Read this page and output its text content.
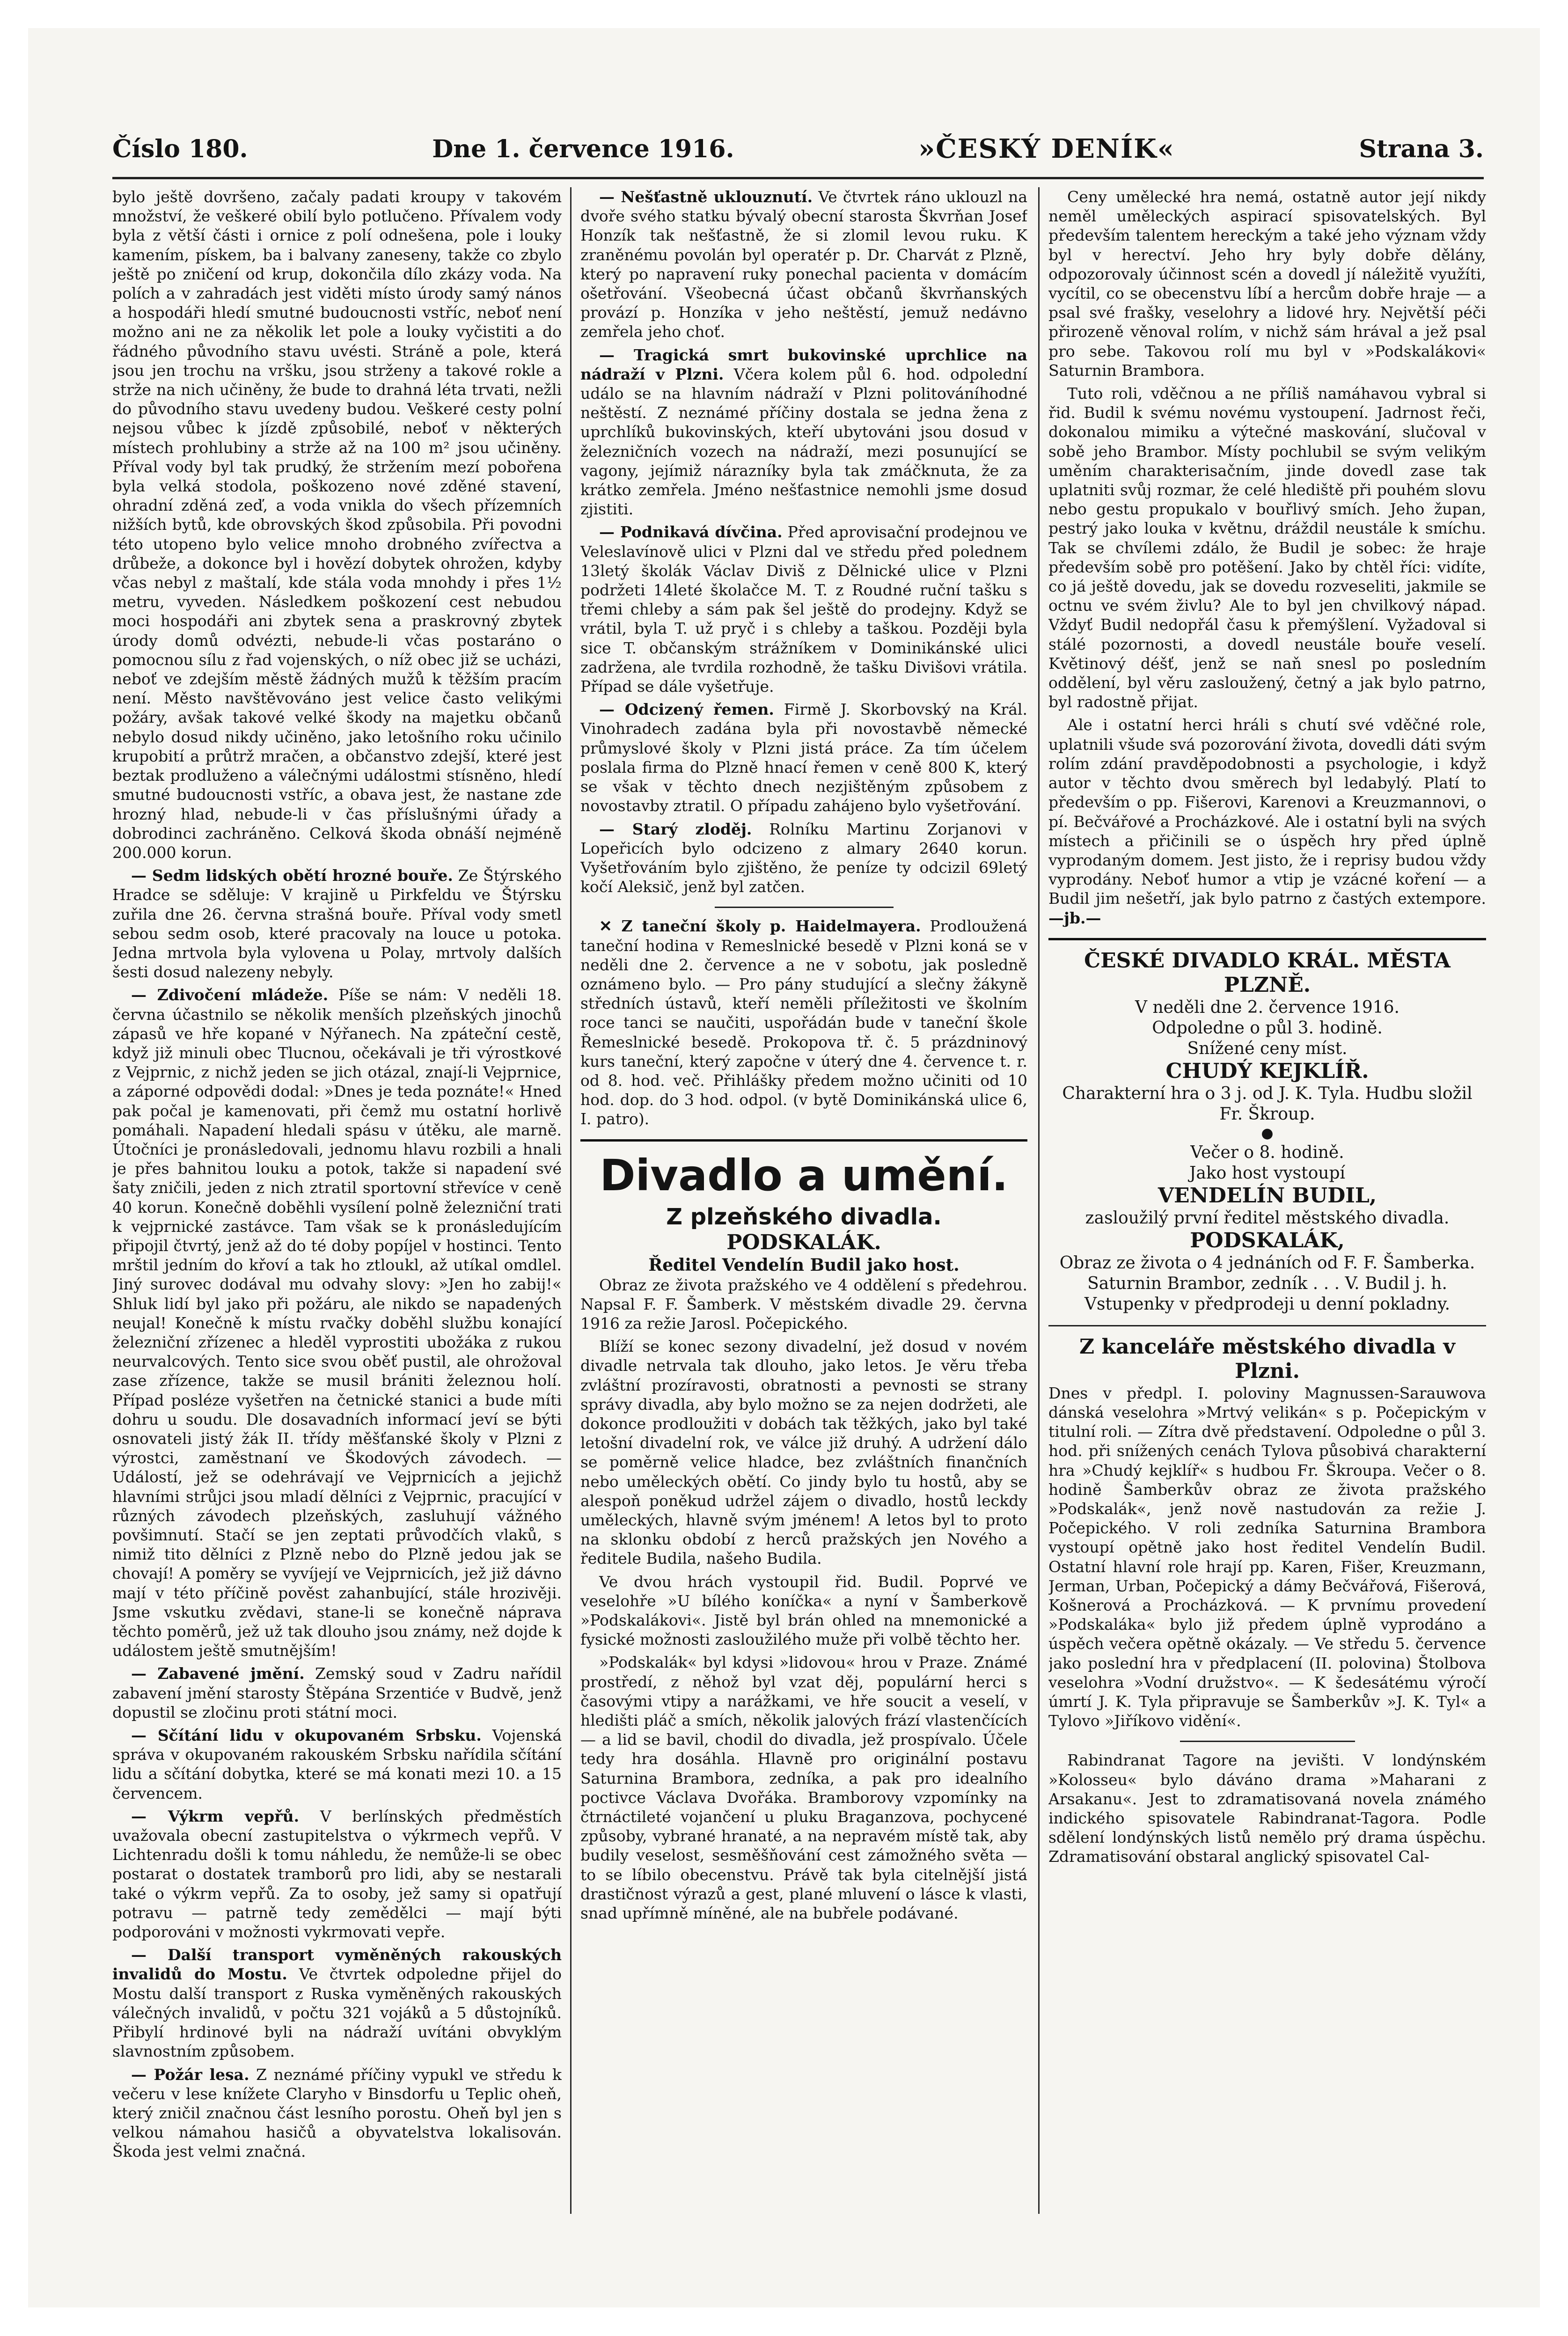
Číslo 180.	Dne 1. července 1916.	»ČESKÝ DENÍK«	Strana 3.

bylo ještě dovršeno, začaly padati kroupy v takovém množství, že veškeré obilí bylo potlučeno. Přívalem vody byla z větší části i ornice z polí odnešena, pole i louky kamením, pískem, ba i balvany zaneseny, takže co zbylo ještě po zničení od krup, dokončila dílo zkázy voda. Na polích a v zahradách jest viděti místo úrody samý nános a hospodáři hledí smutné budoucnosti vstříc, neboť není možno ani ne za několik let pole a louky vyčistiti a do řádného původního stavu uvésti. Stráně a pole, která jsou jen trochu na vršku, jsou strženy a takové rokle a strže na nich učiněny, že bude to drahná léta trvati, nežli do původního stavu uvedeny budou. Veškeré cesty polní nejsou vůbec k jízdě způsobilé, neboť v některých místech prohlubiny a strže až na 100 m² jsou učiněny. Příval vody byl tak prudký, že stržením mezí pobořena byla velká stodola, poškozeno nové zděné stavení, ohradní zděná zeď, a voda vnikla do všech přízemních nižších bytů, kde obrovských škod způsobila. Při povodni této utopeno bylo velice mnoho drobného zvířectva a drůbeže, a dokonce byl i hovězí dobytek ohrožen, kdyby včas nebyl z maštalí, kde stála voda mnohdy i přes 1½ metru, vyveden. Následkem poškození cest nebudou moci hospodáři ani zbytek sena a praskrovný zbytek úrody domů odvézti, nebude-li včas postaráno o pomocnou sílu z řad vojenských, o níž obec již se ucházi, neboť ve zdejším městě žádných mužů k těžším pracím není. Město navštěvováno jest velice často velikými požáry, avšak takové velké škody na majetku občanů nebylo dosud nikdy učiněno, jako letošního roku učinilo krupobití a průtrž mračen, a občanstvo zdejší, které jest beztak prodluženo a válečnými událostmi stísněno, hledí smutné budoucnosti vstříc, a obava jest, že nastane zde hrozný hlad, nebude-li v čas příslušnými úřady a dobrodinci zachráněno. Celková škoda obnáší nejméně 200.000 korun.

— Sedm lidských obětí hrozné bouře. Ze Štýrského Hradce se sděluje: V krajině u Pirkfeldu ve Štýrsku zuřila dne 26. června strašná bouře. Příval vody smetl sebou sedm osob, které pracovaly na louce u potoka. Jedna mrtvola byla vylovena u Polay, mrtvoly dalších šesti dosud nalezeny nebyly.

— Zdivočení mládeže. Píše se nám: V neděli 18. června účastnilo se několik menších plzeňských jinochů zápasů ve hře kopané v Nýřanech. Na zpáteční cestě, když již minuli obec Tlucnou, očekávali je tři výrostkové z Vejprnic, z nichž jeden se jich otázal, znají-li Vejprnice, a záporné odpovědi dodal: »Dnes je teda poznáte!« Hned pak počal je kamenovati, při čemž mu ostatní horlivě pomáhali. Napadení hledali spásu v útěku, ale marně. Útočníci je pronásledovali, jednomu hlavu rozbili a hnali je přes bahnitou louku a potok, takže si napadení své šaty zničili, jeden z nich ztratil sportovní střevíce v ceně 40 korun. Konečně doběhli vysílení polně železniční trati k vejprnické zastávce. Tam však se k pronásledujícím připojil čtvrtý, jenž až do té doby popíjel v hostinci. Tento mrštil jedním do křoví a tak ho ztloukl, až utíkal omdlel. Jiný surovec dodával mu odvahy slovy: »Jen ho zabij!« Shluk lidí byl jako při požáru, ale nikdo se napadených neujal! Konečně k místu rvačky doběhl službu konající železniční zřízenec a hleděl vyprostiti ubožáka z rukou neurvalcových. Tento sice svou oběť pustil, ale ohrožoval zase zřízence, takže se musil brániti železnou holí. Případ posléze vyšetřen na četnické stanici a bude míti dohru u soudu. Dle dosavadních informací jeví se býti osnovateli jistý žák II. třídy měšťanské školy v Plzni z výrostci, zaměstnaní ve Škodových závodech. — Událostí, jež se odehrávají ve Vejprnicích a jejichž hlavními strůjci jsou mladí dělníci z Vejprnic, pracující v různých závodech plzeňských, zasluhují vážného povšimnutí. Stačí se jen zeptati průvodčích vlaků, s nimiž tito dělníci z Plzně nebo do Plzně jedou jak se chovají! A poměry se vyvíjejí ve Vejprnicích, jež již dávno mají v této příčině pověst zahanbující, stále hrozivěji. Jsme vskutku zvědavi, stane-li se konečně náprava těchto poměrů, jež už tak dlouho jsou známy, než dojde k událostem ještě smutnějším!

— Zabavené jmění. Zemský soud v Zadru nařídil zabavení jmění starosty Štěpána Srzentiće v Budvě, jenž dopustil se zločinu proti státní moci.

— Sčítání lidu v okupovaném Srbsku. Vojenská správa v okupovaném rakouském Srbsku nařídila sčítání lidu a sčítání dobytka, které se má konati mezi 10. a 15 červencem.

— Výkrm vepřů. V berlínských předměstích uvažovala obecní zastupitelstva o výkrmech vepřů. V Lichtenradu došli k tomu náhledu, že nemůže-li se obec postarat o dostatek tramborů pro lidi, aby se nestarali také o výkrm vepřů. Za to osoby, jež samy si opatřují potravu — patrně tedy zemědělci — mají býti podporováni v možnosti vykrmovati vepře.

— Další transport vyměněných rakouských invalidů do Mostu. Ve čtvrtek odpoledne přijel do Mostu další transport z Ruska vyměněných rakouských válečných invalidů, v počtu 321 vojáků a 5 důstojníků. Přibylí hrdinové byli na nádraží uvítáni obvyklým slavnostním způsobem.

— Požár lesa. Z neznámé příčiny vypukl ve středu k večeru v lese knížete Claryho v Binsdorfu u Teplic oheň, který zničil značnou část lesního porostu. Oheň byl jen s velkou námahou hasičů a obyvatelstva lokalisován. Škoda jest velmi značná.

— Nešťastně uklouznutí. Ve čtvrtek ráno uklouzl na dvoře svého statku bývalý obecní starosta Škvrňan Josef Honzík tak nešťastně, že si zlomil levou ruku. K zraněnému povolán byl operatér p. Dr. Charvát z Plzně, který po napravení ruky ponechal pacienta v domácím ošetřování. Všeobecná účast občanů škvrňanských provází p. Honzíka v jeho neštěstí, jemuž nedávno zemřela jeho choť.

— Tragická smrt bukovinské uprchlice na nádraží v Plzni. Včera kolem půl 6. hod. odpolední událo se na hlavním nádraží v Plzni politováníhodné neštěstí. Z neznámé příčiny dostala se jedna žena z uprchlíků bukovinských, kteří ubytováni jsou dosud v železničních vozech na nádraží, mezi posunující se vagony, jejímiž nárazníky byla tak zmáčknuta, že za krátko zemřela. Jméno nešťastnice nemohli jsme dosud zjistiti.

— Podnikavá dívčina. Před aprovisační prodejnou ve Veleslavínově ulici v Plzni dal ve středu před polednem 13letý školák Václav Diviš z Dělnické ulice v Plzni podržeti 14leté školačce M. T. z Roudné ruční tašku s třemi chleby a sám pak šel ještě do prodejny. Když se vrátil, byla T. už pryč i s chleby a taškou. Později byla sice T. občanským strážníkem v Dominikánské ulici zadržena, ale tvrdila rozhodně, že tašku Divišovi vrátila. Případ se dále vyšetřuje.

— Odcizený řemen. Firmě J. Skorbovský na Král. Vinohradech zadána byla při novostavbě německé průmyslové školy v Plzni jistá práce. Za tím účelem poslala firma do Plzně hnací řemen v ceně 800 K, který se však v těchto dnech nezjištěným způsobem z novostavby ztratil. O případu zahájeno bylo vyšetřování.

— Starý zloděj. Rolníku Martinu Zorjanovi v Lopeřicích bylo odcizeno z almary 2640 korun. Vyšetřováním bylo zjištěno, že peníze ty odcizil 69letý kočí Aleksič, jenž byl zatčen.

✕ Z taneční školy p. Haidelmayera. Prodloužená taneční hodina v Remeslnické besedě v Plzni koná se v neděli dne 2. července a ne v sobotu, jak posledně oznámeno bylo. — Pro pány studující a slečny žákyně středních ústavů, kteří neměli příležitosti ve školním roce tanci se naučiti, uspořádán bude v taneční škole Řemeslnické besedě. Prokopova tř. č. 5 prázdninový kurs taneční, který započne v úterý dne 4. července t. r. od 8. hod. več. Přihlášky předem možno učiniti od 10 hod. dop. do 3 hod. odpol. (v bytě Dominikánská ulice 6, I. patro).

Divadlo a umění.
Z plzeňského divadla.

PODSKALÁK.

Ředitel Vendelín Budil jako host.

Obraz ze života pražského ve 4 oddělení s předehrou. Napsal F. F. Šamberk. V městském divadle 29. června 1916 za režie Jarosl. Počepického.

Blíží se konec sezony divadelní, jež dosud v novém divadle netrvala tak dlouho, jako letos. Je věru třeba zvláštní prozíravosti, obratnosti a pevnosti se strany správy divadla, aby bylo možno se za nejen dodržeti, ale dokonce prodloužiti v dobách tak těžkých, jako byl také letošní divadelní rok, ve válce již druhý. A udržení dálo se poměrně velice hladce, bez zvláštních finančních nebo uměleckých obětí. Co jindy bylo tu hostů, aby se alespoň poněkud udržel zájem o divadlo, hostů leckdy uměleckých, hlavně svým jménem! A letos byl to proto na sklonku období z herců pražských jen Nového a ředitele Budila, našeho Budila.

Ve dvou hrách vystoupil řid. Budil. Poprvé ve veselohře »U bílého koníčka« a nyní v Šamberkově »Podskalákovi«. Jistě byl brán ohled na mnemonické a fysické možnosti zasloužilého muže při volbě těchto her.

»Podskalák« byl kdysi »lidovou« hrou v Praze. Známé prostředí, z něhož byl vzat děj, populární herci s časovými vtipy a narážkami, ve hře soucit a veselí, v hledišti pláč a smích, několik jalových frází vlastenčících — a lid se bavil, chodil do divadla, jež prospívalo. Účele tedy hra dosáhla. Hlavně pro originální postavu Saturnina Brambora, zedníka, a pak pro idealního poctivce Václava Dvořáka. Bramborovy vzpomínky na čtrnáctileté vojančení u pluku Braganzova, pochycené způsoby, vybrané hranaté, a na nepravém místě tak, aby budily veselost, sesměšňování cest zámožného světa — to se líbilo obecenstvu. Právě tak byla citelnější jistá drastičnost výrazů a gest, plané mluvení o lásce k vlasti, snad upřímně míněné, ale na bubřele podávané.

Ceny umělecké hra nemá, ostatně autor její nikdy neměl uměleckých aspirací spisovatelských. Byl především talentem hereckým a také jeho význam vždy byl v herectví. Jeho hry byly dobře dělány, odpozorovaly účinnost scén a dovedl jí náležitě využíti, vycítil, co se obecenstvu líbí a hercům dobře hraje — a psal své frašky, veselohry a lidové hry. Největší péči přirozeně věnoval rolím, v nichž sám hrával a jež psal pro sebe. Takovou rolí mu byl v »Podskalákovi« Saturnin Brambora.

Tuto roli, vděčnou a ne příliš namáhavou vybral si řid. Budil k svému novému vystoupení. Jadrnost řeči, dokonalou mimiku a výtečné maskování, slučoval v sobě jeho Brambor. Místy pochlubil se svým velikým uměním charakterisačním, jinde dovedl zase tak uplatniti svůj rozmar, že celé hlediště při pouhém slovu nebo gestu propukalo v bouřlivý smích. Jeho župan, pestrý jako louka v květnu, dráždil neustále k smíchu. Tak se chvílemi zdálo, že Budil je sobec: že hraje především sobě pro potěšení. Jako by chtěl říci: vidíte, co já ještě dovedu, jak se dovedu rozveseliti, jakmile se octnu ve svém živlu? Ale to byl jen chvilkový nápad. Vždyť Budil nedopřál času k přemýšlení. Vyžadoval si stálé pozornosti, a dovedl neustále bouře veselí. Květinový déšť, jenž se naň snesl po posledním oddělení, byl věru zasloužený, četný a jak bylo patrno, byl radostně přijat.

Ale i ostatní herci hráli s chutí své vděčné role, uplatnili všude svá pozorování života, dovedli dáti svým rolím zdání pravděpodobnosti a psychologie, i když autor v těchto dvou směrech byl ledabylý. Platí to především o pp. Fišerovi, Karenovi a Kreuzmannovi, o pí. Bečvářové a Procházkové. Ale i ostatní byli na svých místech a přičinili se o úspěch hry před úplně vyprodaným domem. Jest jisto, že i reprisy budou vždy vyprodány. Neboť humor a vtip je vzácné koření — a Budil jim nešetří, jak bylo patrno z častých extempore. —jb.—

ČESKÉ DIVADLO KRÁL. MĚSTA PLZNĚ.

V neděli dne 2. července 1916.

Odpoledne o půl 3. hodině.

Snížené ceny míst.

CHUDÝ KEJKLÍŘ.

Charakterní hra o 3 j. od J. K. Tyla. Hudbu složil Fr. Škroup.

●

Večer o 8. hodině.

Jako host vystoupí

VENDELÍN BUDIL,

zasloužilý první ředitel městského divadla.

PODSKALÁK,

Obraz ze života o 4 jednáních od F. F. Šamberka. Saturnin Brambor, zedník . . . V. Budil j. h.

Vstupenky v předprodeji u denní pokladny.

Z kanceláře městského divadla v Plzni.

Dnes v předpl. I. poloviny Magnussen-Sarauwova dánská veselohra »Mrtvý velikán« s p. Počepickým v titulní roli. — Zítra dvě představení. Odpoledne o půl 3. hod. při snížených cenách Tylova působivá charakterní hra »Chudý kejklíř« s hudbou Fr. Škroupa. Večer o 8. hodině Šamberkův obraz ze života pražského »Podskalák«, jenž nově nastudován za režie J. Počepického. V roli zedníka Saturnina Brambora vystoupí opětně jako host ředitel Vendelín Budil. Ostatní hlavní role hrají pp. Karen, Fišer, Kreuzmann, Jerman, Urban, Počepický a dámy Bečvářová, Fišerová, Košnerová a Procházková. — K prvnímu provedení »Podskaláka« bylo již předem úplně vyprodáno a úspěch večera opětně okázaly. — Ve středu 5. července jako poslední hra v předplacení (II. polovina) Štolbova veselohra »Vodní družstvo«. — K šedesátému výročí úmrtí J. K. Tyla připravuje se Šamberkův »J. K. Tyl« a Tylovo »Jiříkovo vidění«.

Rabindranat Tagore na jevišti. V londýnském »Kolosseu« bylo dáváno drama »Maharani z Arsakanu«. Jest to zdramatisovaná novela známého indického spisovatele Rabindranat-Tagora. Podle sdělení londýnských listů nemělo prý drama úspěchu. Zdramatisování obstaral anglický spisovatel Cal-
